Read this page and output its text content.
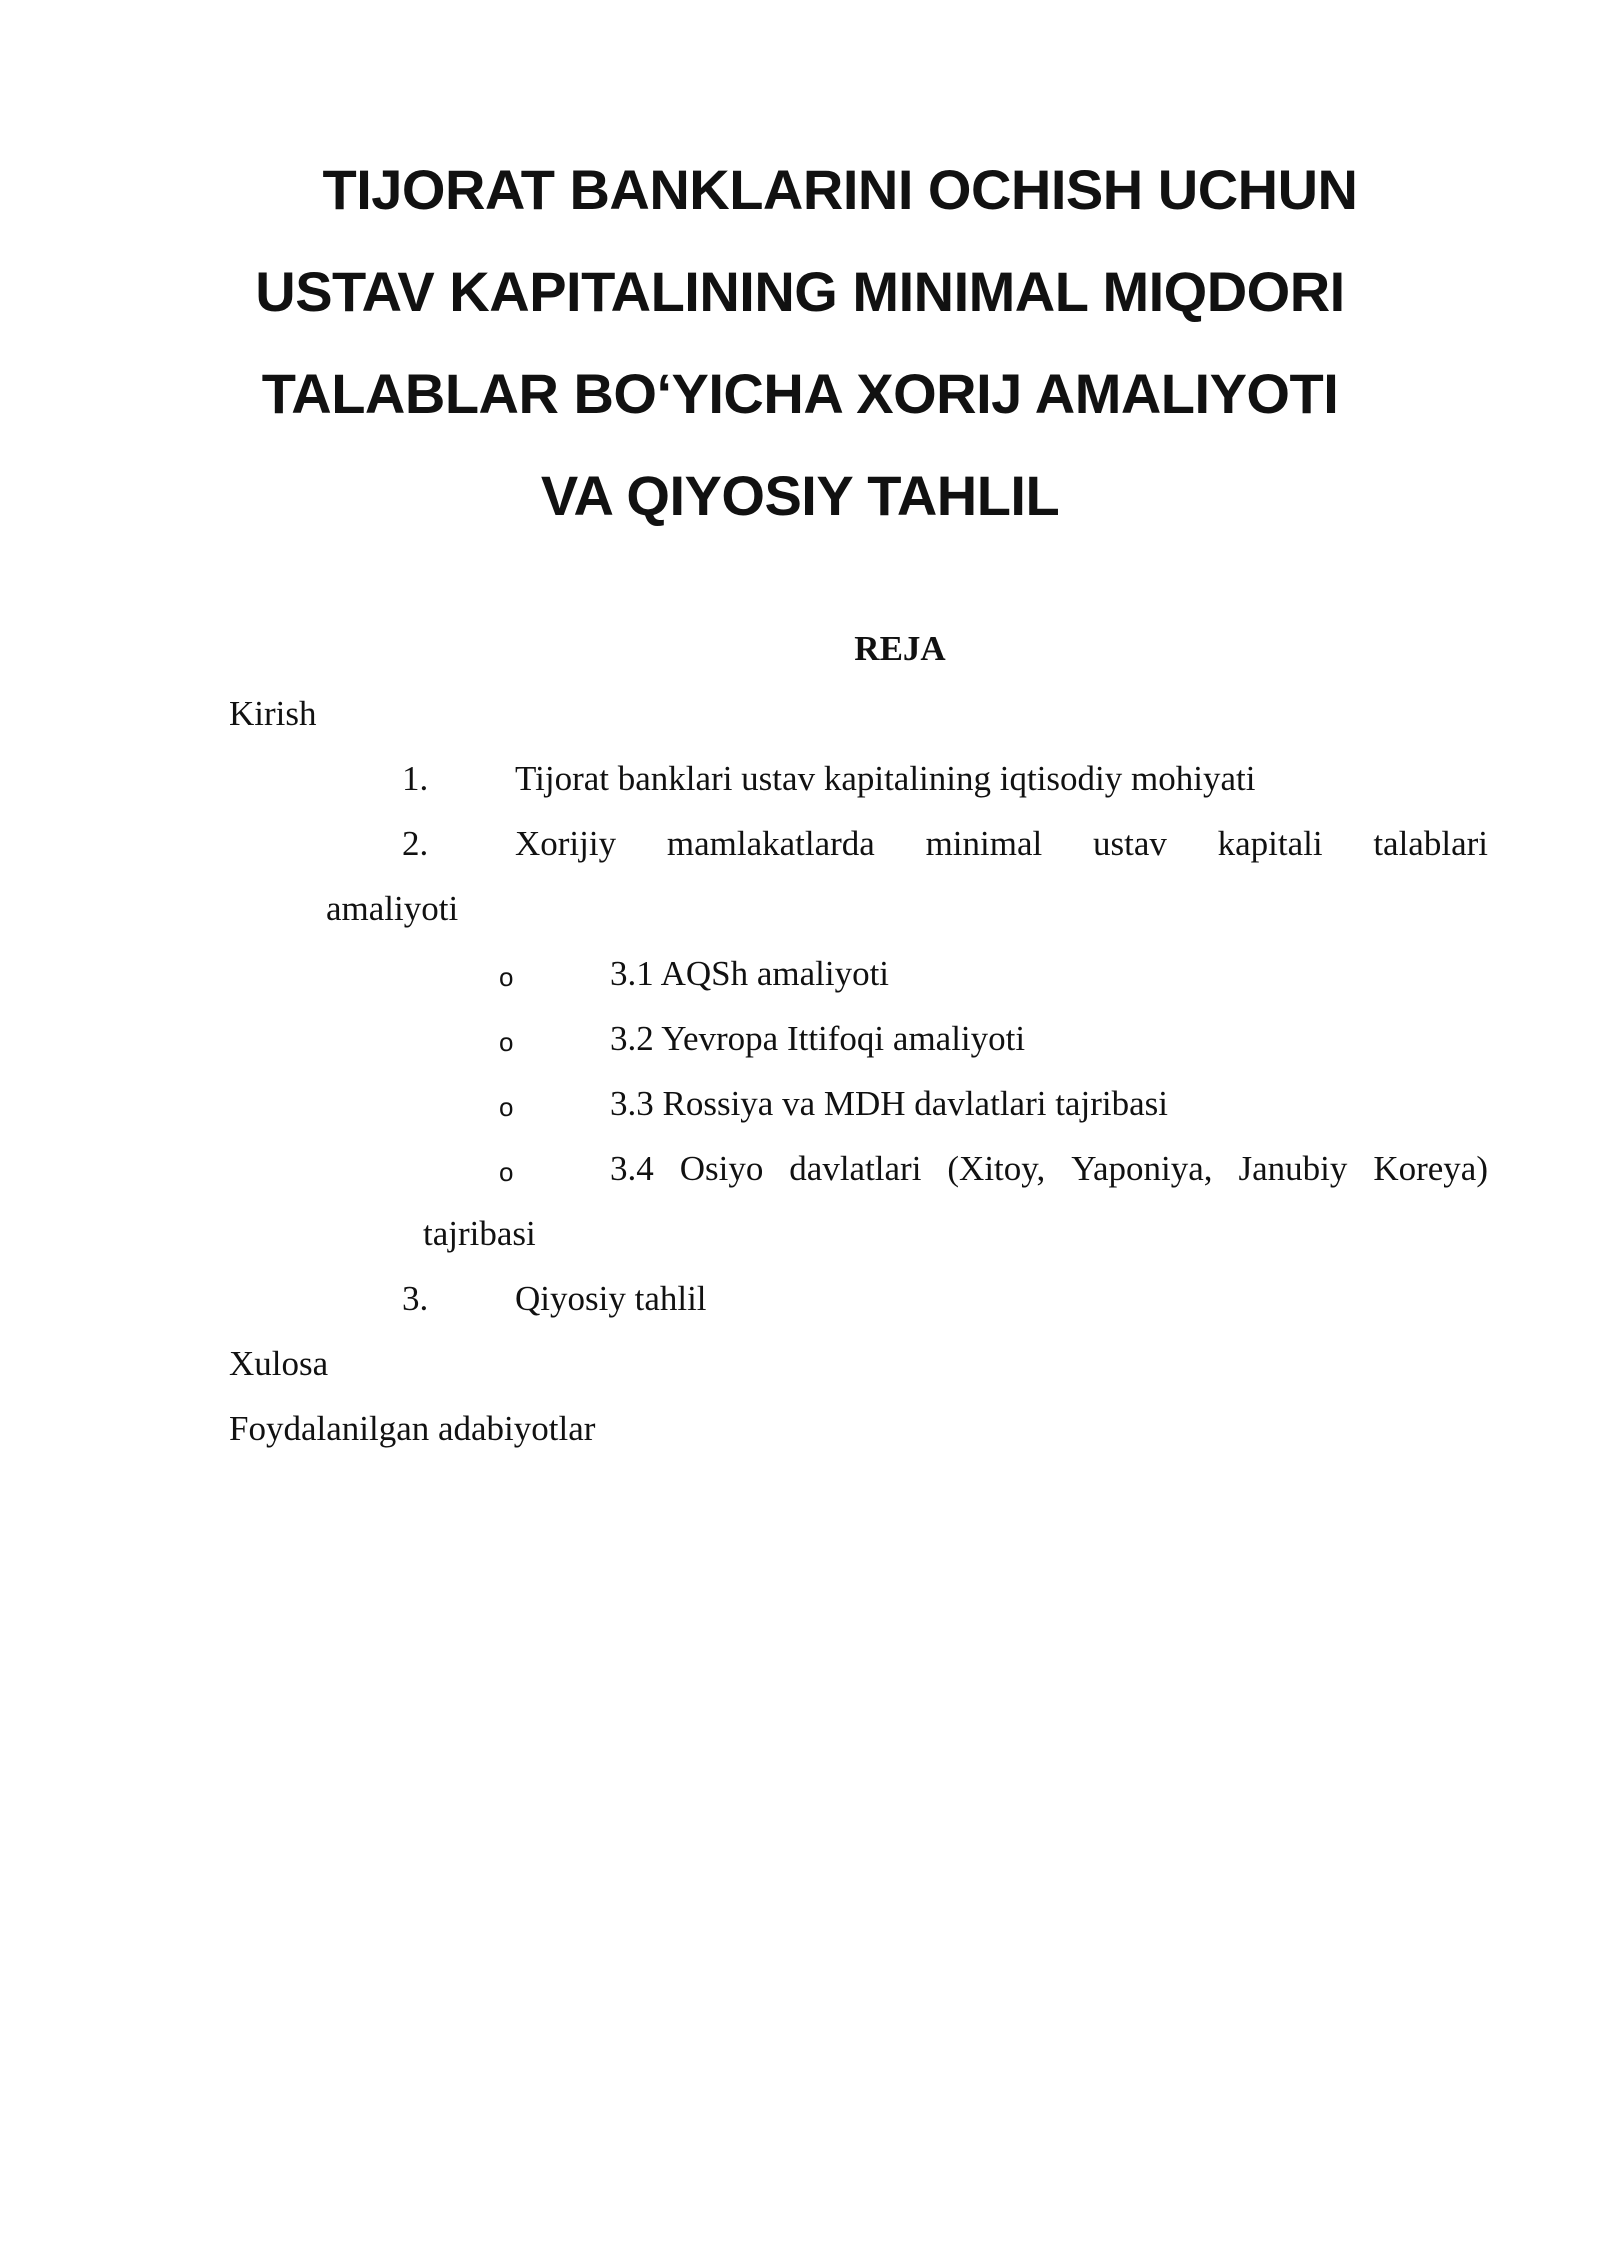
TIJORAT BANKLARINI OCHISH UCHUN
USTAV KAPITALINING MINIMAL MIQDORI
TALABLAR BO‘YICHA XORIJ AMALIYOTI
VA QIYOSIY TAHLIL
REJA
Kirish
1. Tijorat banklari ustav kapitalining iqtisodiy mohiyati
2. Xorijiy mamlakatlarda minimal ustav kapitali talablari
amaliyoti
o	3.1 AQSh amaliyoti
o	3.2 Yevropa Ittifoqi amaliyoti
o	3.3 Rossiya va MDH davlatlari tajribasi
o	3.4 Osiyo davlatlari (Xitoy, Yaponiya, Janubiy Koreya)
tajribasi
3. Qiyosiy tahlil
Xulosa
Foydalanilgan adabiyotlar
